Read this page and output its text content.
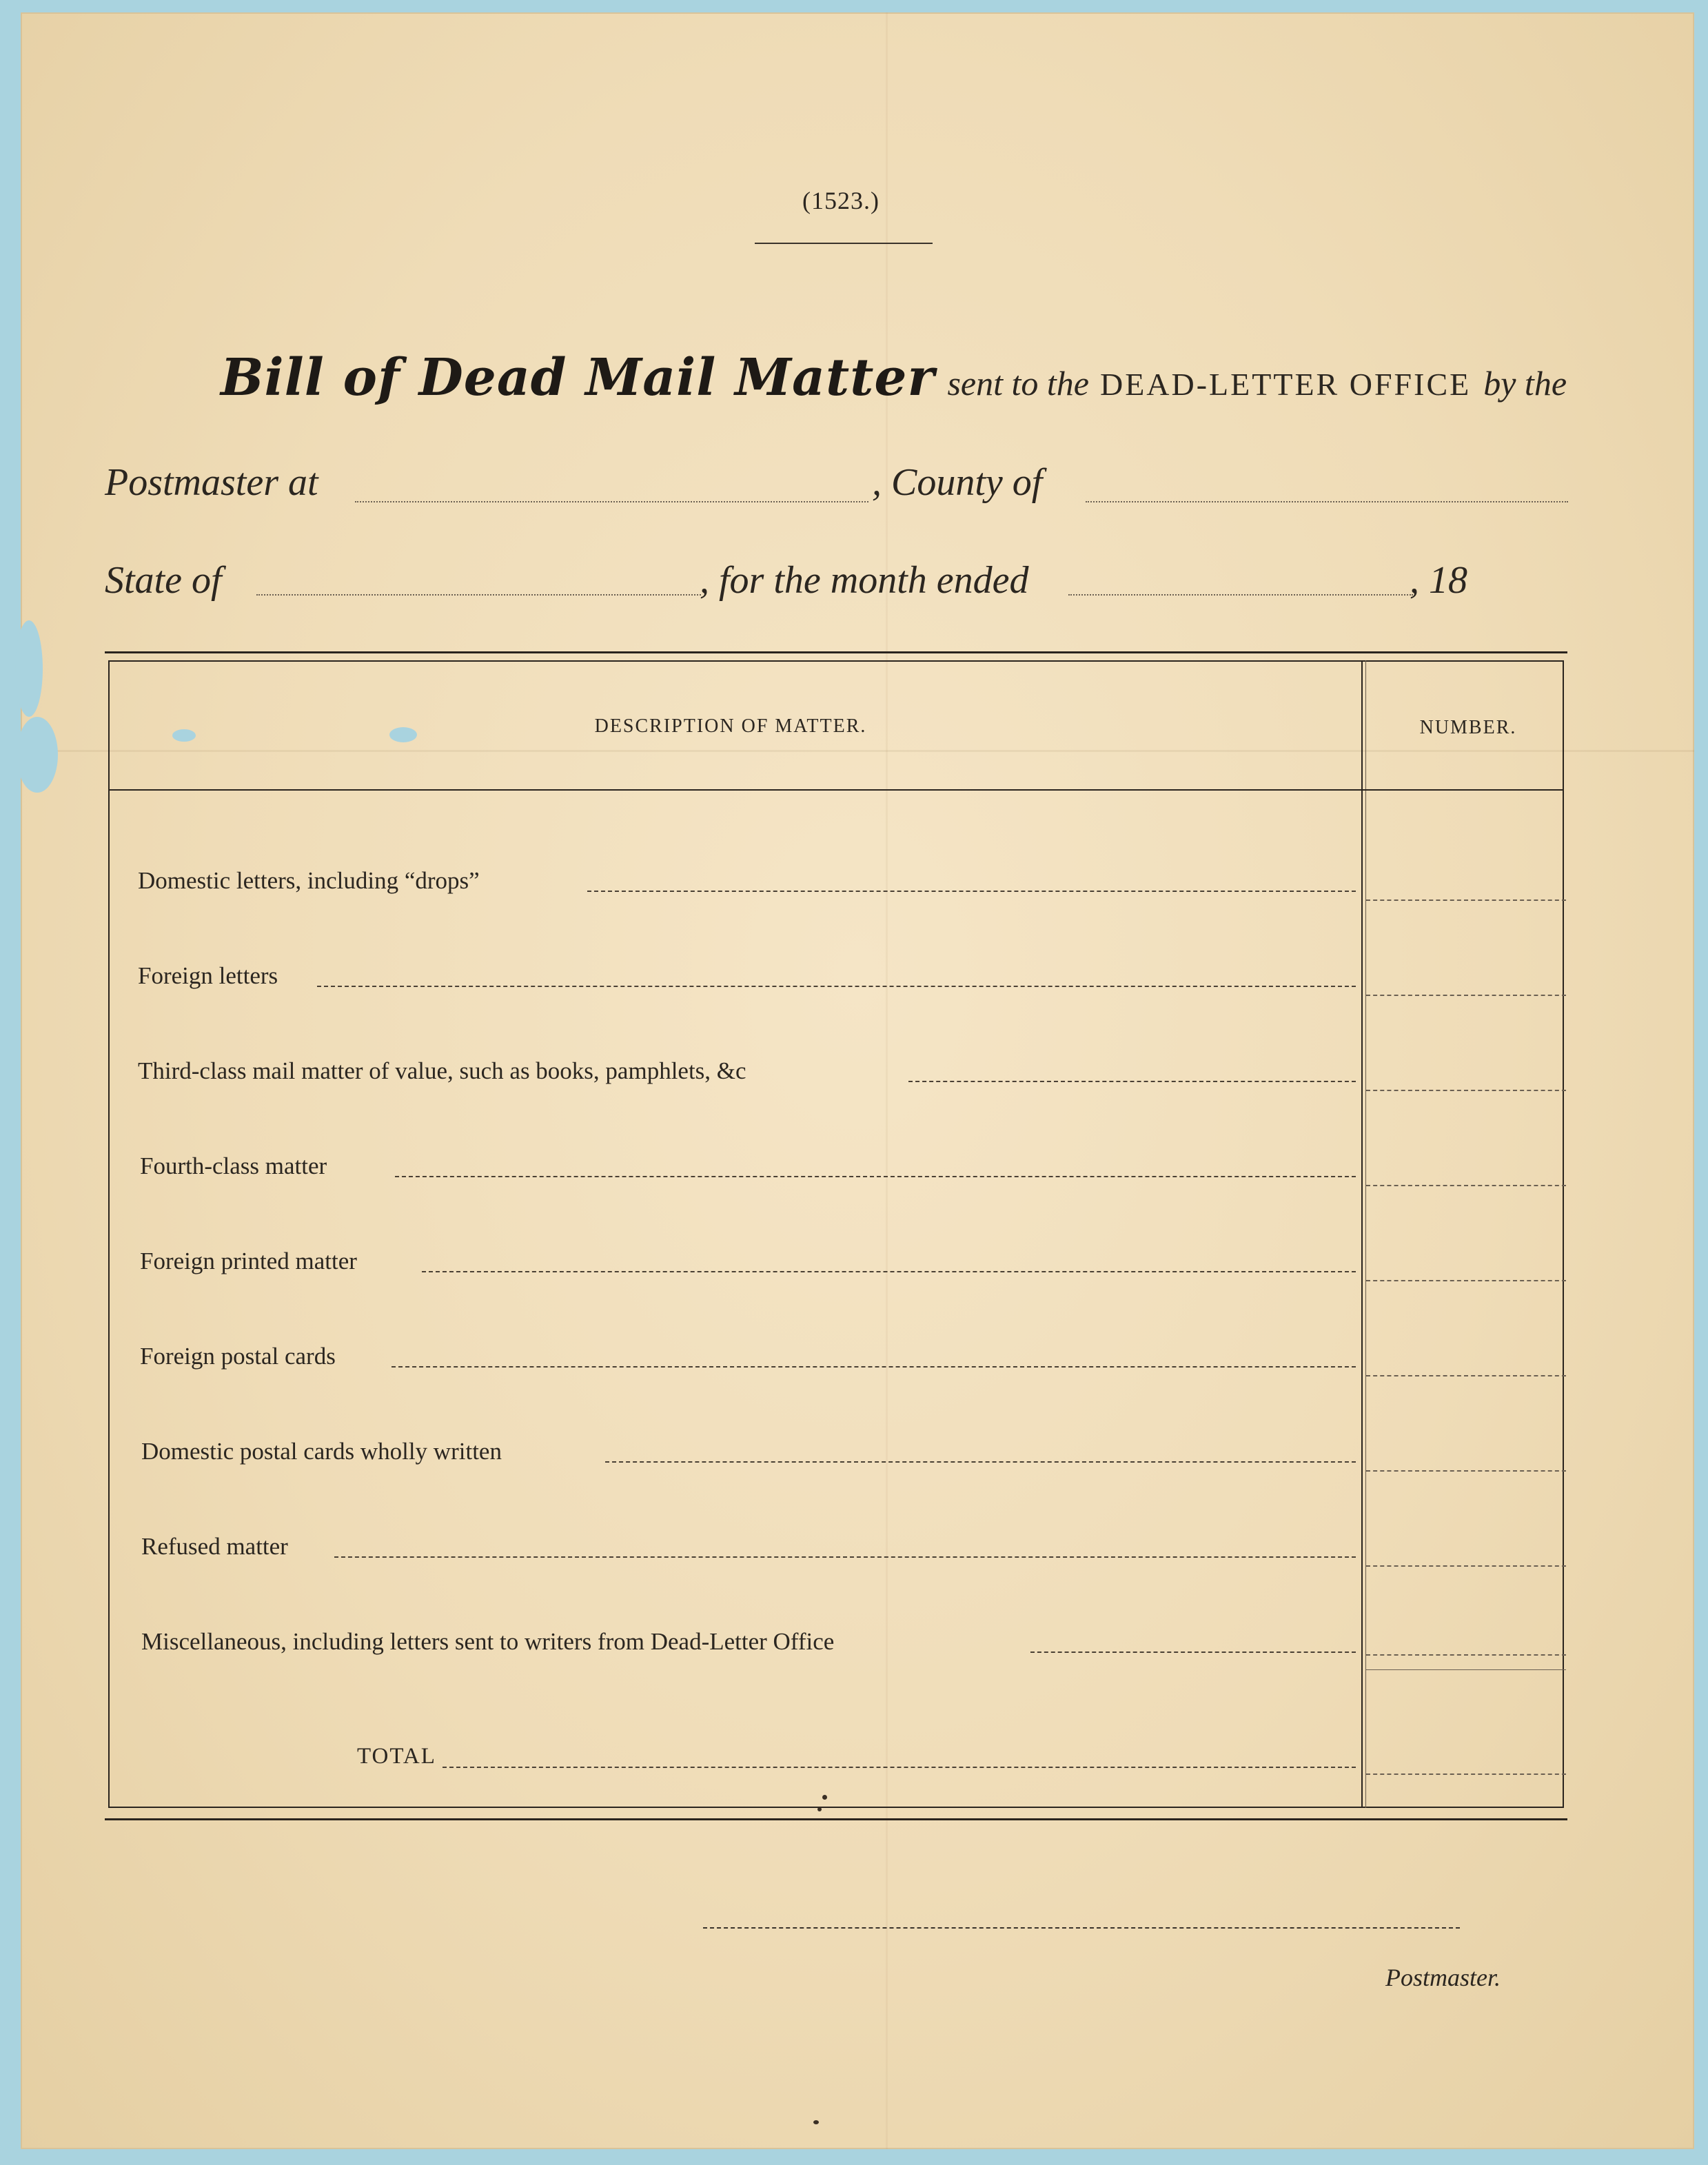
(1523.)
Bill of Dead Mail Matter sent to the DEAD-LETTER OFFICE by the
Postmaster at	, County of
State of	, for the month ended	, 18
DESCRIPTION OF MATTER.	NUMBER.
Domestic letters, including “drops”
Foreign letters
Third-class mail matter of value, such as books, pamphlets, &c
Fourth-class matter
Foreign printed matter
Foreign postal cards
Domestic postal cards wholly written
Refused matter
Miscellaneous, including letters sent to writers from Dead-Letter Office
TOTAL
Postmaster.
